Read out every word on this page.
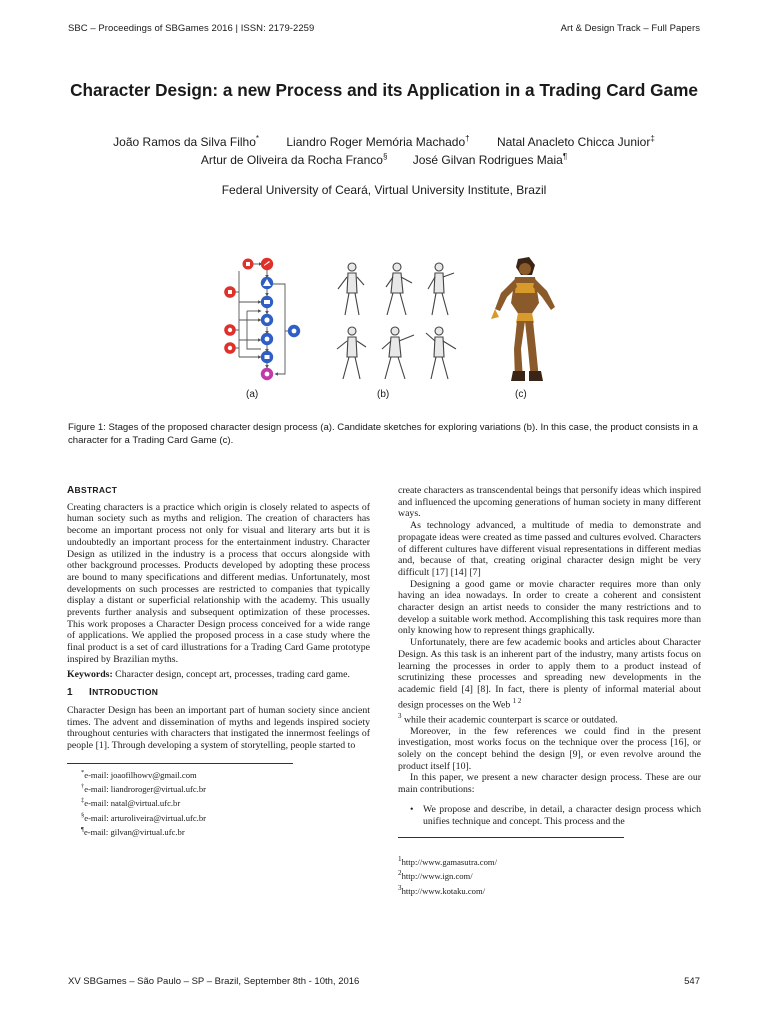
SBC – Proceedings of SBGames 2016 | ISSN: 2179-2259	Art & Design Track – Full Papers
Character Design: a new Process and its Application in a Trading Card Game
João Ramos da Silva Filho* Liandro Roger Memória Machado† Natal Anacleto Chicca Junior‡
Artur de Oliveira da Rocha Franco§ José Gilvan Rodrigues Maia¶
Federal University of Ceará, Virtual University Institute, Brazil
(a)	(b)	(c)
Figure 1: Stages of the proposed character design process (a). Candidate sketches for exploring variations (b). In this case, the product consists in a character for a Trading Card Game (c).
ABSTRACT

Creating characters is a practice which origin is closely related to aspects of human society such as myths and religion. The creation of characters has become an important process not only for visual and literary arts but it is undoubtedly an important process for the entertainment industry. Character Design as utilized in the industry is a process that occurs alongside with other background processes. Products developed by adopting these process are bound to many specifications and different medias. Unfortunately, most developments on such processes are restricted to companies that typically display a distant or superficial relationship with the academy. This usually prevents further analysis and subsequent optimization of these processes. This work proposes a Character Design process conceived for a wide range of applications. We applied the proposed process in a case study where the final product is a set of card illustrations for a Trading Card Game prototype inspired by Brazilian myths.

Keywords: Character design, concept art, processes, trading card game.

1 INTRODUCTION

Character Design has been an important part of human society since ancient times. The advent and dissemination of myths and legends inspired society throughout centuries with characters that instigated the innermost feelings of people [1]. Through developing a system of storytelling, people started to

*e-mail: joaofilhowv@gmail.com
†e-mail: liandroroger@virtual.ufc.br
‡e-mail: natal@virtual.ufc.br
§e-mail: arturoliveira@virtual.ufc.br
¶e-mail: gilvan@virtual.ufc.br

create characters as transcendental beings that personify ideas which inspired and influenced the upcoming generations of human society in many different ways.

As technology advanced, a multitude of media to demonstrate and propagate ideas were created as time passed and cultures evolved. Characters of different cultures have different visual representations in different medias and, because of that, creating original character design might be very difficult [17] [14] [7]

Designing a good game or movie character requires more than only having an idea nowadays. In order to create a coherent and consistent character design an artist needs to consider the many restrictions and to develop a suitable work method. Accomplishing this task requires more than only knowing how to represent things graphically.

Unfortunately, there are few academic books and articles about Character Design. As this task is an inherent part of the industry, many artists focus on learning the processes in order to apply them to a product instead of scrutinizing these processes and spreading new developments in the academic field [4] [8]. In fact, there is plenty of informal material about design processes on the Web $^{1 2}$
$^3$ while their academic counterpart is scarce or outdated.

Moreover, in the few references we could find in the present investigation, most works focus on the technique over the process [16], or solely on the concept behind the design [9], or even revolve around the product itself [10].

In this paper, we present a new character design process. These are our main contributions:

• We propose and describe, in detail, a character design process which unifies technique and concept. This process and the
$^1$http://www.gamasutra.com/
$^2$http://www.ign.com/
$^3$http://www.kotaku.com/
XV SBGames – São Paulo – SP – Brazil, September 8th - 10th, 2016	547
